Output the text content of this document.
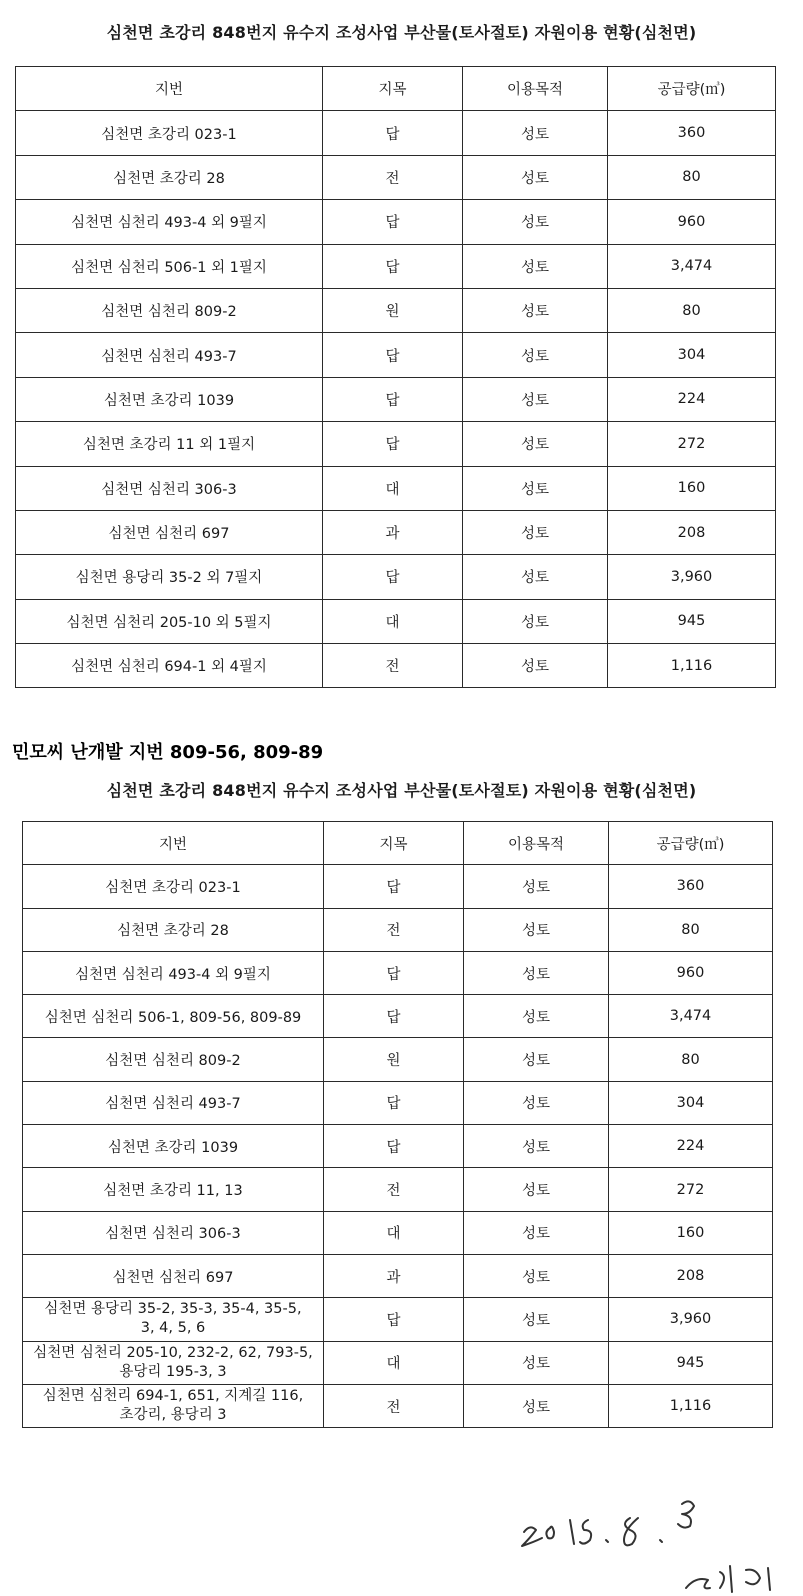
심천면 초강리 848번지 유수지 조성사업 부산물(토사절토) 자원이용 현황(심천면)
지번	지목	이용목적	공급량(㎥)
심천면 초강리 023-1	답	성토	360
심천면 초강리 28	전	성토	80
심천면 심천리 493-4 외 9필지	답	성토	960
심천면 심천리 506-1 외 1필지	답	성토	3,474
심천면 심천리 809-2	원	성토	80
심천면 심천리 493-7	답	성토	304
심천면 초강리 1039	답	성토	224
심천면 초강리 11 외 1필지	답	성토	272
심천면 심천리 306-3	대	성토	160
심천면 심천리 697	과	성토	208
심천면 용당리 35-2 외 7필지	답	성토	3,960
심천면 심천리 205-10 외 5필지	대	성토	945
심천면 심천리 694-1 외 4필지	전	성토	1,116
민모씨 난개발 지번 809-56, 809-89
심천면 초강리 848번지 유수지 조성사업 부산물(토사절토) 자원이용 현황(심천면)
지번	지목	이용목적	공급량(㎥)
심천면 초강리 023-1	답	성토	360
심천면 초강리 28	전	성토	80
심천면 심천리 493-4 외 9필지	답	성토	960
심천면 심천리 506-1, 809-56, 809-89	답	성토	3,474
심천면 심천리 809-2	원	성토	80
심천면 심천리 493-7	답	성토	304
심천면 초강리 1039	답	성토	224
심천면 초강리 11, 13	전	성토	272
심천면 심천리 306-3	대	성토	160
심천면 심천리 697	과	성토	208

심천면 용당리 35-2, 35-3, 35-4, 35-5,
3, 4, 5, 6	답	성토	3,960

심천면 심천리 205-10, 232-2, 62, 793-5,
용당리 195-3, 3	대	성토	945

심천면 심천리 694-1, 651, 지계길 116,
초강리, 용당리 3	전	성토	1,116
